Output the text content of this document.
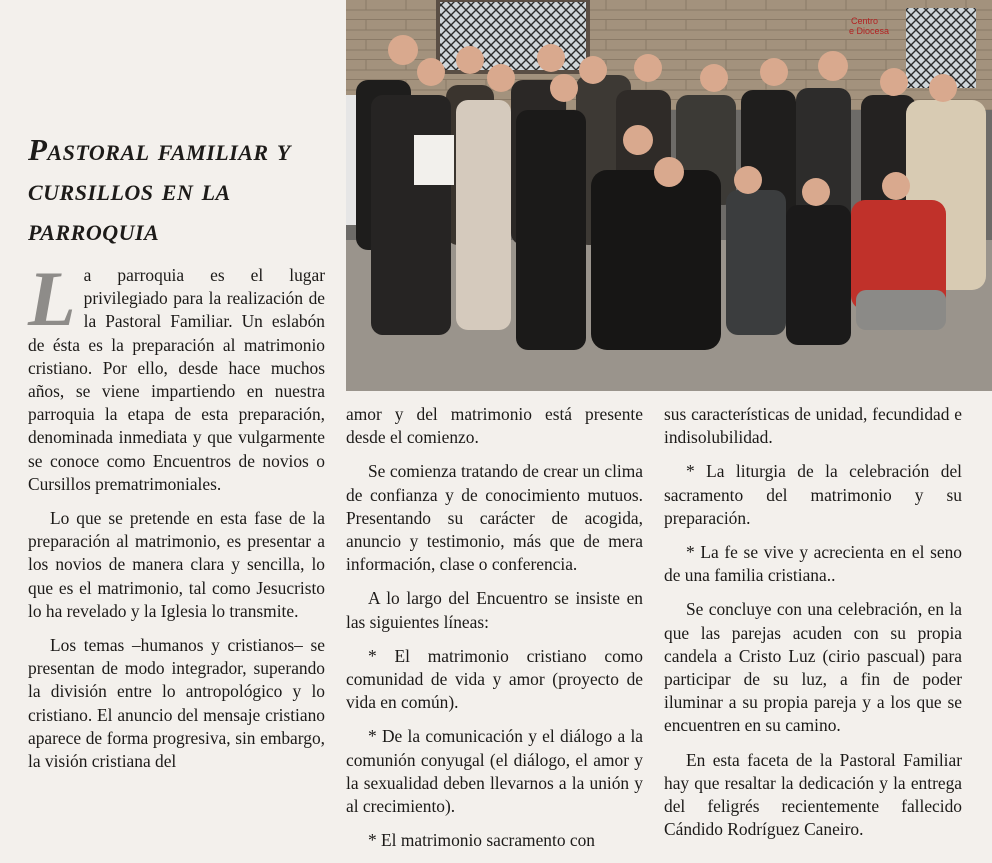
Pastoral familiar y cursillos en la parroquia

La parroquia es el lugar privilegiado para la realización de la Pastoral Familiar. Un eslabón de ésta es la preparación al matrimonio cristiano. Por ello, desde hace muchos años, se viene impartiendo en nuestra parroquia la etapa de esta preparación, denominada inmediata y que vulgarmente se conoce como Encuentros de novios o Cursillos prematrimoniales.

Lo que se pretende en esta fase de la preparación al matrimonio, es presentar a los novios de manera clara y sencilla, lo que es el matrimonio, tal como Jesucristo lo ha revelado y la Iglesia lo transmite.

Los temas –humanos y cristianos– se presentan de modo integrador, superando la división entre lo antropológico y lo cristiano. El anuncio del mensaje cristiano aparece de forma progresiva, sin embargo, la visión cristiana del

Centro
e Diocesa

amor y del matrimonio está presente desde el comienzo.

Se comienza tratando de crear un clima de confianza y de conocimiento mutuos. Presentando su carácter de acogida, anuncio y testimonio, más que de mera información, clase o conferencia.

A lo largo del Encuentro se insiste en las siguientes líneas:

* El matrimonio cristiano como comunidad de vida y amor (proyecto de vida en común).

* De la comunicación y el diálogo a la comunión conyugal (el diálogo, el amor y la sexualidad deben llevarnos a la unión y al crecimiento).

* El matrimonio sacramento con

sus características de unidad, fecundidad e indisolubilidad.

* La liturgia de la celebración del sacramento del matrimonio y su preparación.

* La fe se vive y acrecienta en el seno de una familia cristiana..

Se concluye con una celebración, en la que las parejas acuden con su propia candela a Cristo Luz (cirio pascual) para participar de su luz, a fin de poder iluminar a su propia pareja y a los que se encuentren en su camino.

En esta faceta de la Pastoral Familiar hay que resaltar la dedicación y la entrega del feligrés recientemente fallecido Cándido Rodríguez Caneiro.
